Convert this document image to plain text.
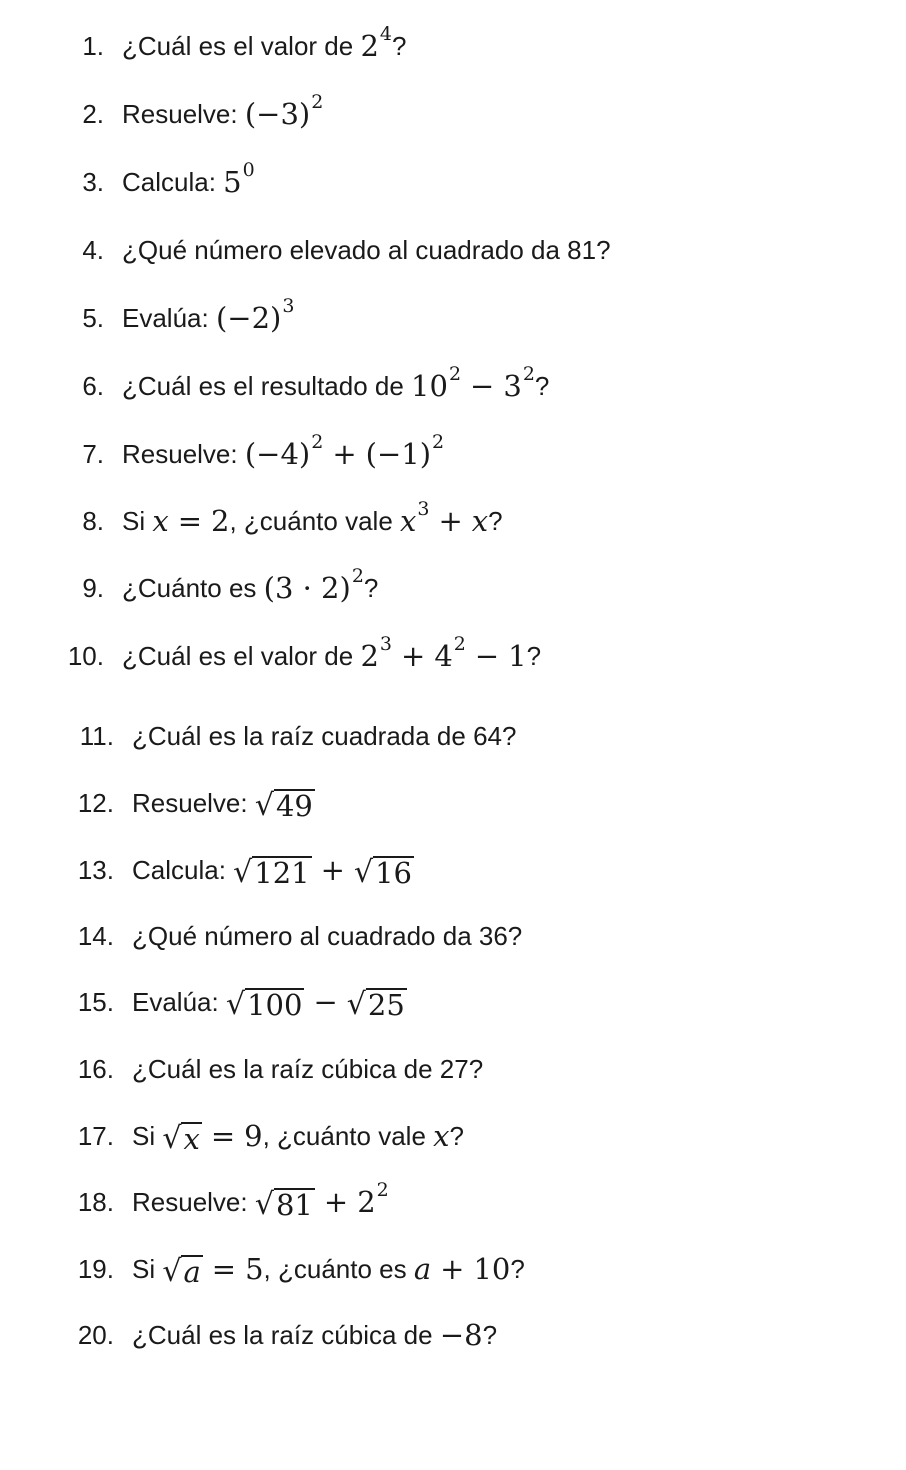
1. ¿Cuál es el valor de 2 4 ?
2. Resuelve: (−3) 2
3. Calcula: 5 0
4. ¿Qué número elevado al cuadrado da 81?
5. Evalúa: (−2) 3
6. ¿Cuál es el resultado de 10 2 − 3 2 ?
7. Resuelve: (−4) 2 + (−1) 2
8. Si x = 2 , ¿cuánto vale x 3 + x ?
9. ¿Cuánto es (3 · 2) 2 ?
10. ¿Cuál es el valor de 2 3 + 4 2 − 1 ?
11. ¿Cuál es la raíz cuadrada de 64?
12. Resuelve: √ 49
13. Calcula: √ 121 + √ 16
14. ¿Qué número al cuadrado da 36?
15. Evalúa: √ 100 − √ 25
16. ¿Cuál es la raíz cúbica de 27?
17. Si √ x = 9 , ¿cuánto vale x ?
18. Resuelve: √ 81 + 2 2
19. Si √ a = 5 , ¿cuánto es a + 10 ?
20. ¿Cuál es la raíz cúbica de −8 ?
